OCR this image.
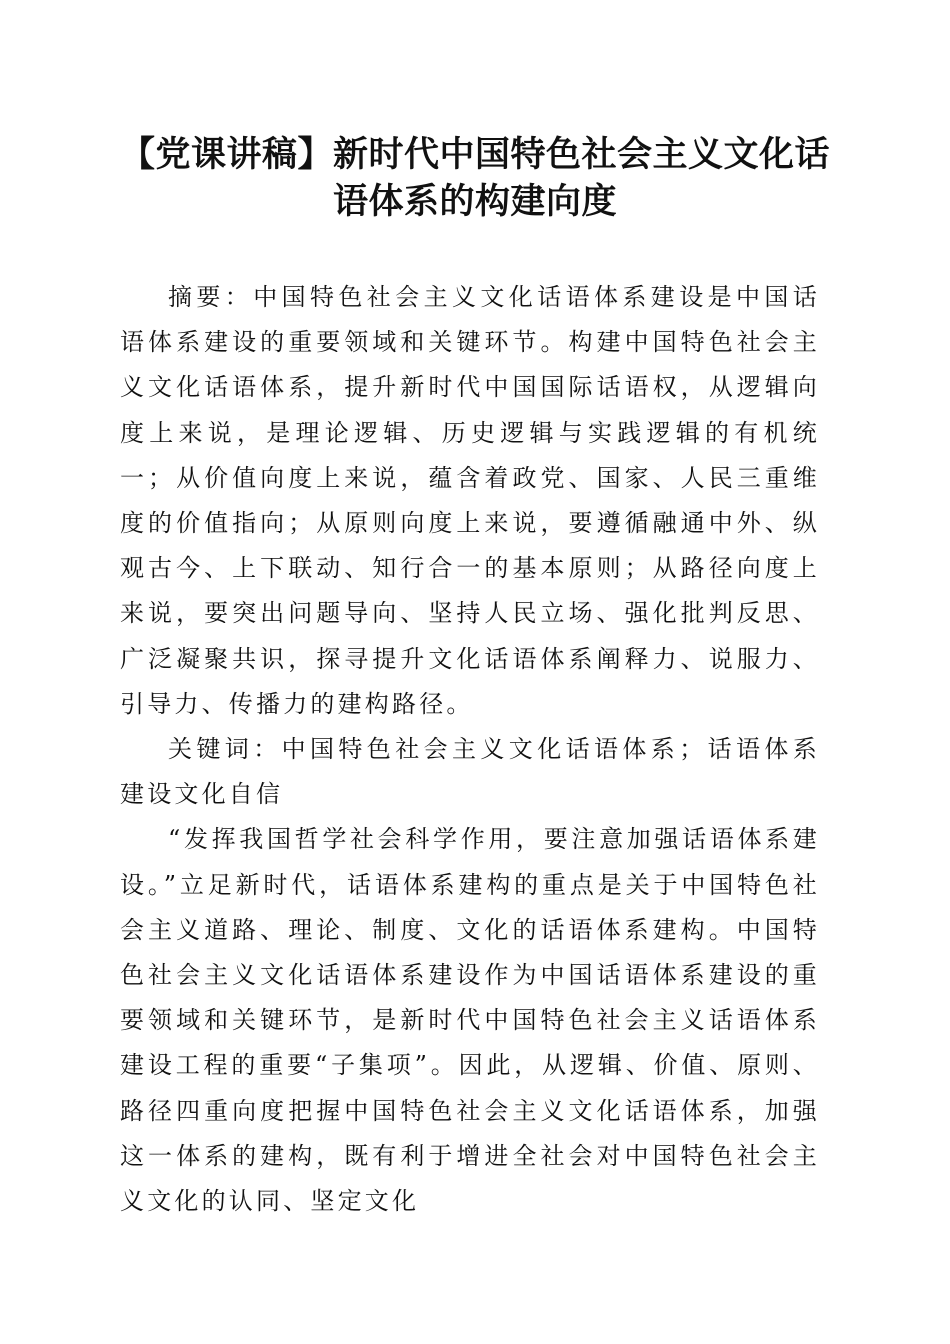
【党课讲稿】新时代中国特色社会主义文化话
语体系的构建向度

摘要：中国特色社会主义文化话语体系建设是中国话语体系建设的重要领域和关键环节。构建中国特色社会主义文化话语体系，提升新时代中国国际话语权，从逻辑向度上来说，是理论逻辑、历史逻辑与实践逻辑的有机统一；从价值向度上来说，蕴含着政党、国家、人民三重维度的价值指向；从原则向度上来说，要遵循融通中外、纵观古今、上下联动、知行合一的基本原则；从路径向度上来说，要突出问题导向、坚持人民立场、强化批判反思、广泛凝聚共识，探寻提升文化话语体系阐释力、说服力、引导力、传播力的建构路径。

关键词：中国特色社会主义文化话语体系；话语体系建设文化自信

“发挥我国哲学社会科学作用，要注意加强话语体系建设。”立足新时代，话语体系建构的重点是关于中国特色社会主义道路、理论、制度、文化的话语体系建构。中国特色社会主义文化话语体系建设作为中国话语体系建设的重要领域和关键环节，是新时代中国特色社会主义话语体系建设工程的重要“子集项”。因此，从逻辑、价值、原则、路径四重向度把握中国特色社会主义文化话语体系，加强这一体系的建构，既有利于增进全社会对中国特色社会主义文化的认同、坚定文化
